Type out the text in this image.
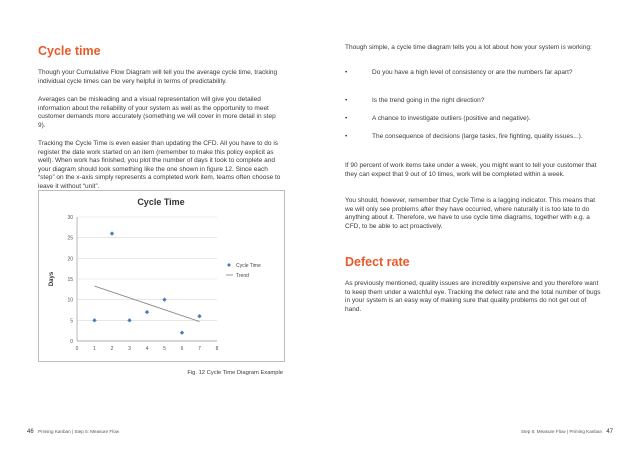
Cycle time

Though your Cumulative Flow Diagram will tell you the average cycle time, tracking individual cycle times can be very helpful in terms of predictability.

Averages can be misleading and a visual representation will give you detailed information about the reliability of your system as well as the opportunity to meet customer demands more accurately (something we will cover in more detail in step 9).

Tracking the Cycle Time is even easier than updating the CFD. All you have to do is register the date work started on an item (remember to make this policy explicit as well). When work has finished, you plot the number of days it took to complete and your diagram should look something like the one shown in figure 12. Since each “step” on the x-axis simply represents a completed work item, teams often choose to leave it without “unit”.

Cycle Time
0
5
10
15
20
25
30
0	1	2	3	4	5	6	7	8
Days
Cycle Time
Trend

Fig. 12 Cycle Time Diagram Example

Though simple, a cycle time diagram tells you a lot about how your system is working:

•	Do you have a high level of consistency or are the numbers far apart?
•	Is the trend going in the right direction?
•	A chance to investigate outliers (positive and negative).
•	The consequence of decisions (large tasks, fire fighting, quality issues...).

If 90 percent of work items take under a week, you might want to tell your customer that they can expect that 9 out of 10 times, work will be completed within a week.

You should, however, remember that Cycle Time is a lagging indicator. This means that we will only see problems after they have occurred, where naturally it is too late to do anything about it. Therefore, we have to use cycle time diagrams, together with e.g. a CFD, to be able to act proactively.

Defect rate

As previously mentioned, quality issues are incredibly expensive and you therefore want to keep them under a watchful eye. Tracking the defect rate and the total number of bugs in your system is an easy way of making sure that quality problems do not get out of hand.

46 Priming Kanban | Step 5: Measure Flow	Step 5: Measure Flow | Priming Kanban 47
